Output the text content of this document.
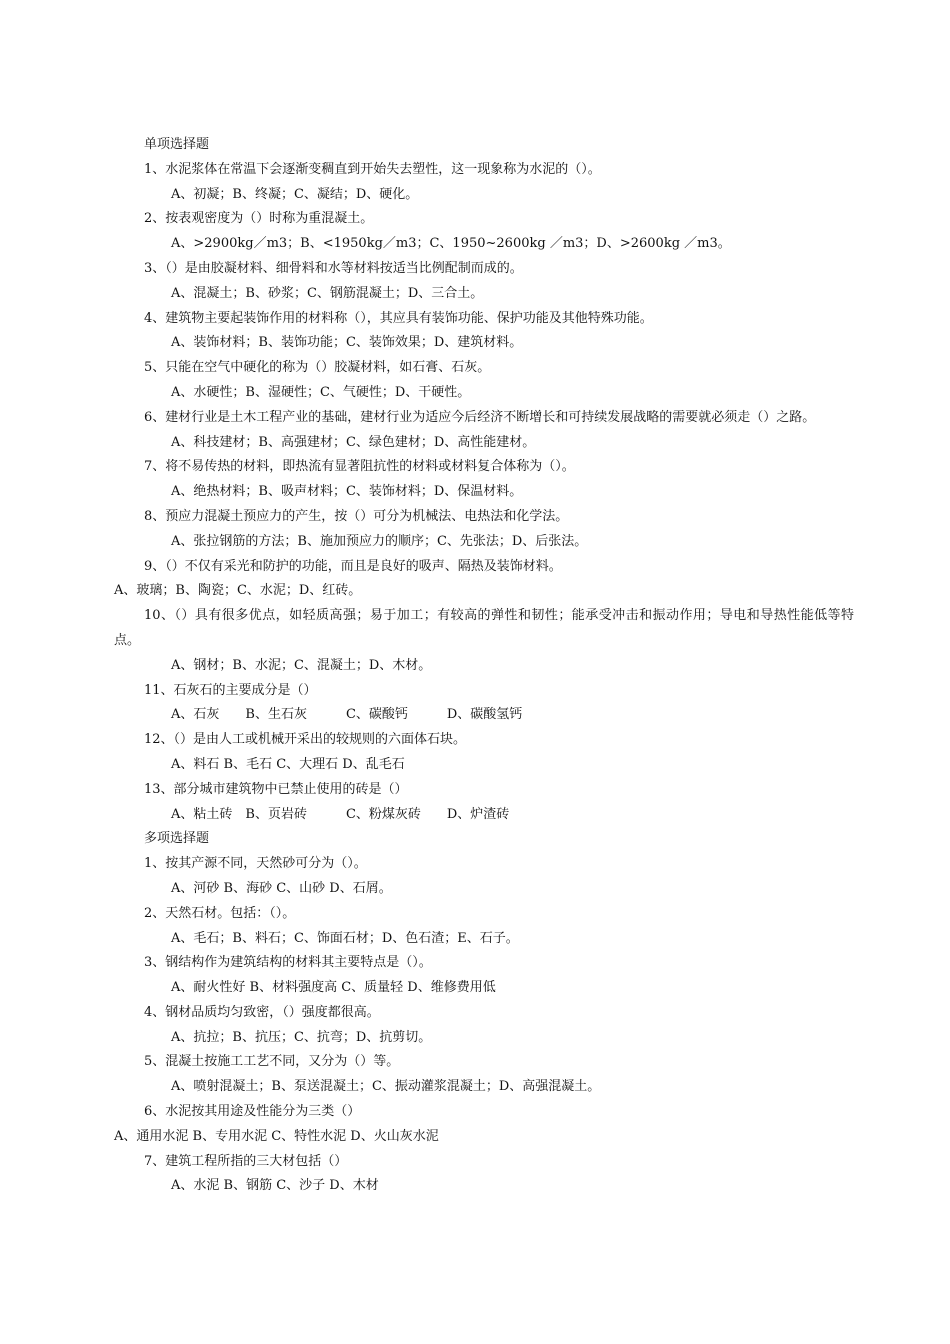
单项选择题
1、水泥浆体在常温下会逐渐变稠直到开始失去塑性，这一现象称为水泥的（）。
A、初凝；B、终凝；C、凝结；D、硬化。
2、按表观密度为（）时称为重混凝土。
A、>2900kg／m3；B、<1950kg／m3；C、1950~2600kg ／m3；D、>2600kg ／m3。
3、（）是由胶凝材料、细骨料和水等材料按适当比例配制而成的。
A、混凝土；B、砂浆；C、钢筋混凝土；D、三合土。
4、建筑物主要起装饰作用的材料称（），其应具有装饰功能、保护功能及其他特殊功能。
A、装饰材料；B、装饰功能；C、装饰效果；D、建筑材料。
5、只能在空气中硬化的称为（）胶凝材料，如石膏、石灰。
A、水硬性；B、湿硬性；C、气硬性；D、干硬性。
6、建材行业是土木工程产业的基础，建材行业为适应今后经济不断增长和可持续发展战略的需要就必须走（）之路。
A、科技建材；B、高强建材；C、绿色建材；D、高性能建材。
7、将不易传热的材料，即热流有显著阻抗性的材料或材料复合体称为（）。
A、绝热材料；B、吸声材料；C、装饰材料；D、保温材料。
8、预应力混凝土预应力的产生，按（）可分为机械法、电热法和化学法。
A、张拉钢筋的方法；B、施加预应力的顺序；C、先张法；D、后张法。
9、（）不仅有采光和防护的功能，而且是良好的吸声、隔热及装饰材料。
A、玻璃；B、陶瓷；C、水泥；D、红砖。
10、（）具有很多优点，如轻质高强；易于加工；有较高的弹性和韧性；能承受冲击和振动作用；导电和导热性能低等特点。
A、钢材；B、水泥；C、混凝土；D、木材。
11、石灰石的主要成分是（）
A、石灰　　B、生石灰　　　C、碳酸钙　　　D、碳酸氢钙
12、（）是由人工或机械开采出的较规则的六面体石块。
A、料石 B、毛石 C、大理石 D、乱毛石
13、部分城市建筑物中已禁止使用的砖是（）
A、粘土砖　B、页岩砖　　　C、粉煤灰砖　　D、炉渣砖
多项选择题
1、按其产源不同，天然砂可分为（）。
A、河砂 B、海砂 C、山砂 D、石屑。
2、天然石材。包括：（）。
A、毛石；B、料石；C、饰面石材；D、色石渣；E、石子。
3、钢结构作为建筑结构的材料其主要特点是（）。
A、耐火性好 B、材料强度高 C、质量轻 D、维修费用低
4、钢材品质均匀致密，（）强度都很高。
A、抗拉；B、抗压；C、抗弯；D、抗剪切。
5、混凝土按施工工艺不同，又分为（）等。
A、喷射混凝土；B、泵送混凝土；C、振动灌浆混凝土；D、高强混凝土。
6、水泥按其用途及性能分为三类（）
A、通用水泥 B、专用水泥 C、特性水泥 D、火山灰水泥
7、建筑工程所指的三大材包括（）
A、水泥 B、钢筋 C、沙子 D、木材
